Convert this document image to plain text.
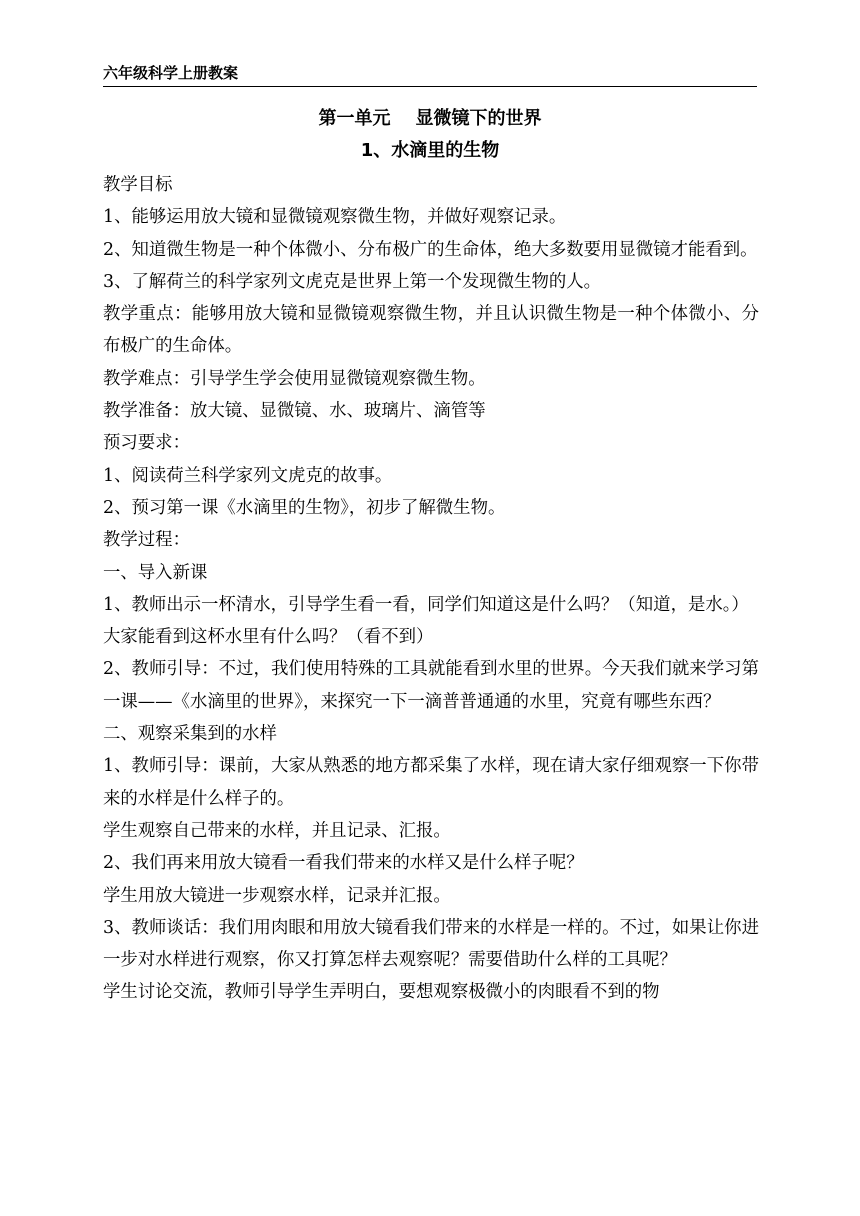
六年级科学上册教案
第一单元    显微镜下的世界
1、水滴里的生物

教学目标

1、能够运用放大镜和显微镜观察微生物，并做好观察记录。

2、知道微生物是一种个体微小、分布极广的生命体，绝大多数要用显微镜才能看到。

3、了解荷兰的科学家列文虎克是世界上第一个发现微生物的人。

教学重点：能够用放大镜和显微镜观察微生物，并且认识微生物是一种个体微小、分布极广的生命体。

教学难点：引导学生学会使用显微镜观察微生物。

教学准备：放大镜、显微镜、水、玻璃片、滴管等

预习要求：

1、阅读荷兰科学家列文虎克的故事。

2、预习第一课《水滴里的生物》，初步了解微生物。

教学过程：

一、导入新课

1、教师出示一杯清水，引导学生看一看，同学们知道这是什么吗？（知道，是水。）

大家能看到这杯水里有什么吗？（看不到）

2、教师引导：不过，我们使用特殊的工具就能看到水里的世界。今天我们就来学习第一课——《水滴里的世界》，来探究一下一滴普普通通的水里，究竟有哪些东西？

二、观察采集到的水样

1、教师引导：课前，大家从熟悉的地方都采集了水样，现在请大家仔细观察一下你带来的水样是什么样子的。

学生观察自己带来的水样，并且记录、汇报。

2、我们再来用放大镜看一看我们带来的水样又是什么样子呢？

学生用放大镜进一步观察水样，记录并汇报。

3、教师谈话：我们用肉眼和用放大镜看我们带来的水样是一样的。不过，如果让你进一步对水样进行观察，你又打算怎样去观察呢？需要借助什么样的工具呢？

学生讨论交流，教师引导学生弄明白，要想观察极微小的肉眼看不到的物
